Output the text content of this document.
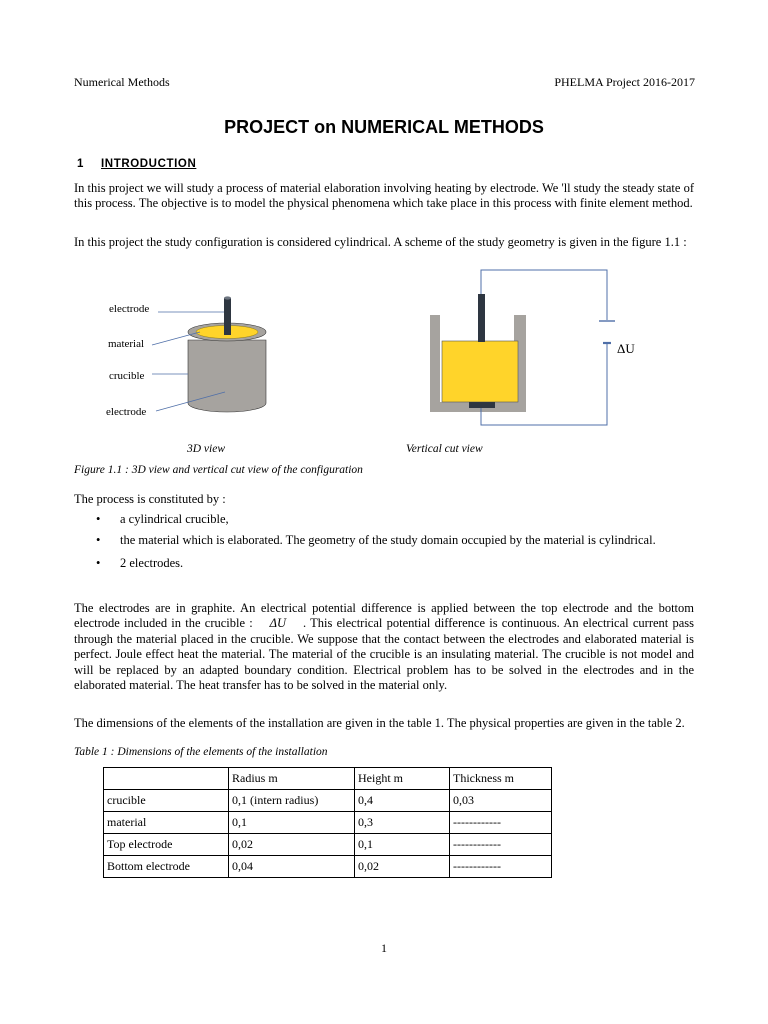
Numerical Methods	PHELMA Project 2016-2017
PROJECT on NUMERICAL METHODS
1 INTRODUCTION

In this project we will study a process of material elaboration involving heating by electrode. We 'll study the steady state of this process. The objective is to model the physical phenomena which take place in this process with finite element method.

In this project the study configuration is considered cylindrical. A scheme of the study geometry is given in the figure 1.1 :

electrode
material
crucible
electrode
ΔU
3D view	Vertical cut view
Figure 1.1 : 3D view and vertical cut view of the configuration

The process is constituted by :

• a cylindrical crucible,
• the material which is elaborated. The geometry of the study domain occupied by the material is cylindrical.
• 2 electrodes.

The electrodes are in graphite. An electrical potential difference is applied between the top electrode and the bottom electrode included in the crucible : ΔU . This electrical potential difference is continuous. An electrical current pass through the material placed in the crucible. We suppose that the contact between the electrodes and elaborated material is perfect. Joule effect heat the material. The material of the crucible is an insulating material. The crucible is not model and will be replaced by an adapted boundary condition. Electrical problem has to be solved in the electrodes and in the elaborated material. The heat transfer has to be solved in the material only.

The dimensions of the elements of the installation are given in the table 1. The physical properties are given in the table 2.

Table 1 : Dimensions of the elements of the installation
	Radius m	Height m	Thickness m
crucible	0,1 (intern radius)	0,4	0,03
material	0,1	0,3	------------
Top electrode	0,02	0,1	------------
Bottom electrode	0,04	0,02	------------
1
